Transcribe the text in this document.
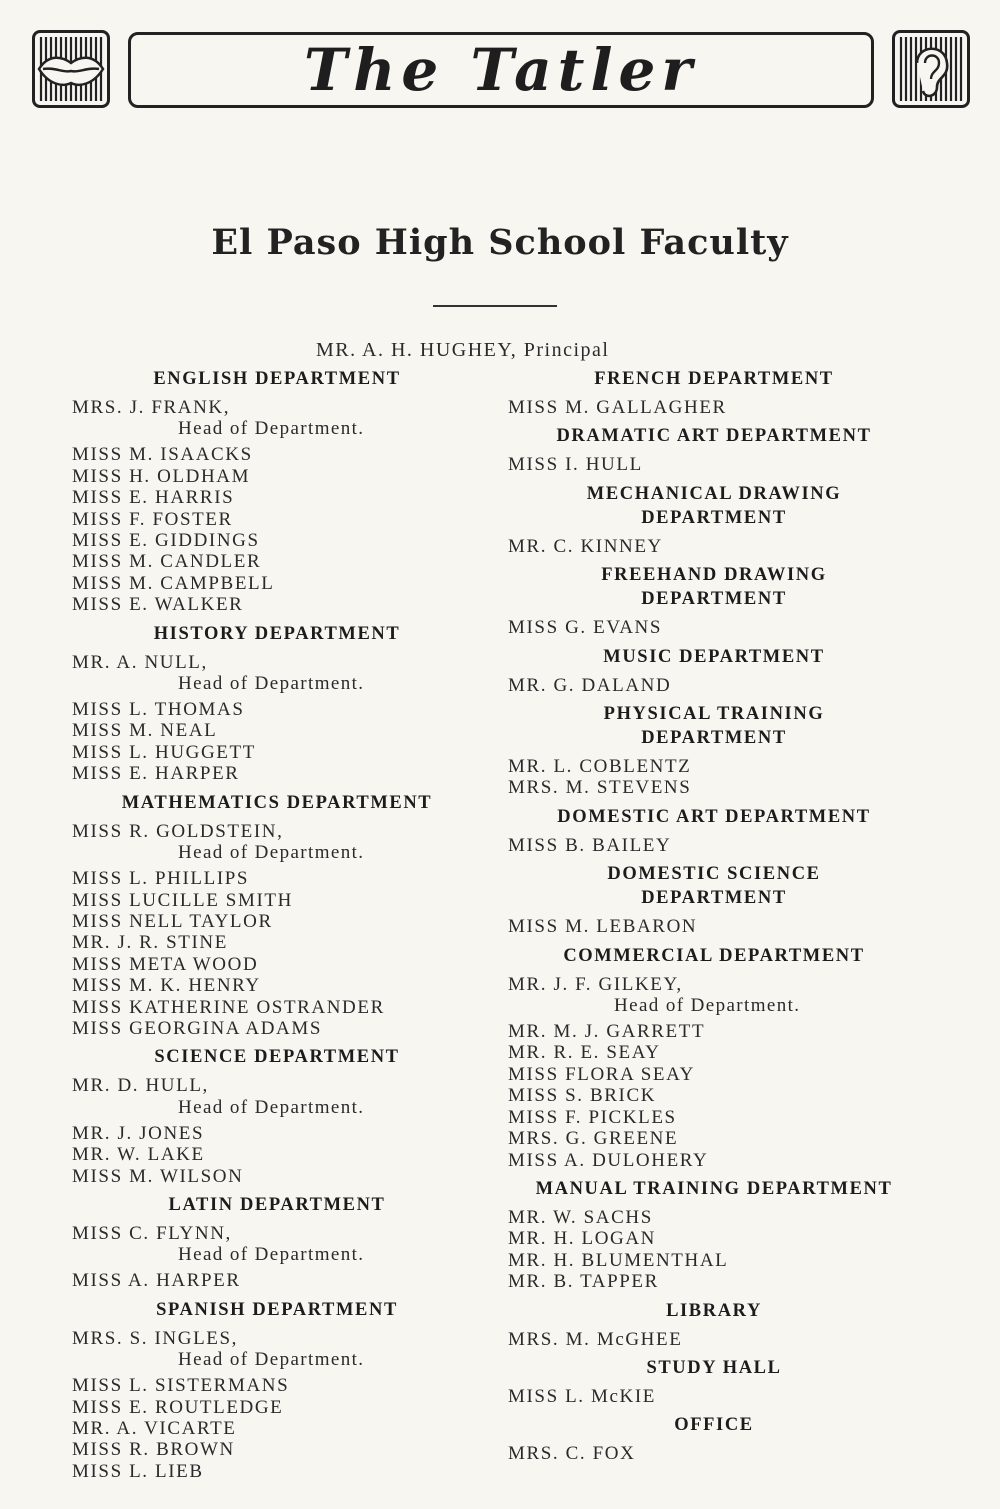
The Tatler
El Paso High School Faculty
MR. A. H. HUGHEY, Principal
ENGLISH DEPARTMENT
MRS. J. FRANK,
Head of Department.
MISS M. ISAACKS
MISS H. OLDHAM
MISS E. HARRIS
MISS F. FOSTER
MISS E. GIDDINGS
MISS M. CANDLER
MISS M. CAMPBELL
MISS E. WALKER
HISTORY DEPARTMENT
MR. A. NULL,
Head of Department.
MISS L. THOMAS
MISS M. NEAL
MISS L. HUGGETT
MISS E. HARPER
MATHEMATICS DEPARTMENT
MISS R. GOLDSTEIN,
Head of Department.
MISS L. PHILLIPS
MISS LUCILLE SMITH
MISS NELL TAYLOR
MR. J. R. STINE
MISS META WOOD
MISS M. K. HENRY
MISS KATHERINE OSTRANDER
MISS GEORGINA ADAMS
SCIENCE DEPARTMENT
MR. D. HULL,
Head of Department.
MR. J. JONES
MR. W. LAKE
MISS M. WILSON
LATIN DEPARTMENT
MISS C. FLYNN,
Head of Department.
MISS A. HARPER
SPANISH DEPARTMENT
MRS. S. INGLES,
Head of Department.
MISS L. SISTERMANS
MISS E. ROUTLEDGE
MR. A. VICARTE
MISS R. BROWN
MISS L. LIEB
FRENCH DEPARTMENT
MISS M. GALLAGHER
DRAMATIC ART DEPARTMENT
MISS I. HULL
MECHANICAL DRAWING
DEPARTMENT
MR. C. KINNEY
FREEHAND DRAWING
DEPARTMENT
MISS G. EVANS
MUSIC DEPARTMENT
MR. G. DALAND
PHYSICAL TRAINING
DEPARTMENT
MR. L. COBLENTZ
MRS. M. STEVENS
DOMESTIC ART DEPARTMENT
MISS B. BAILEY
DOMESTIC SCIENCE
DEPARTMENT
MISS M. LEBARON
COMMERCIAL DEPARTMENT
MR. J. F. GILKEY,
Head of Department.
MR. M. J. GARRETT
MR. R. E. SEAY
MISS FLORA SEAY
MISS S. BRICK
MISS F. PICKLES
MRS. G. GREENE
MISS A. DULOHERY
MANUAL TRAINING DEPARTMENT
MR. W. SACHS
MR. H. LOGAN
MR. H. BLUMENTHAL
MR. B. TAPPER
LIBRARY
MRS. M. McGHEE
STUDY HALL
MISS L. McKIE
OFFICE
MRS. C. FOX
